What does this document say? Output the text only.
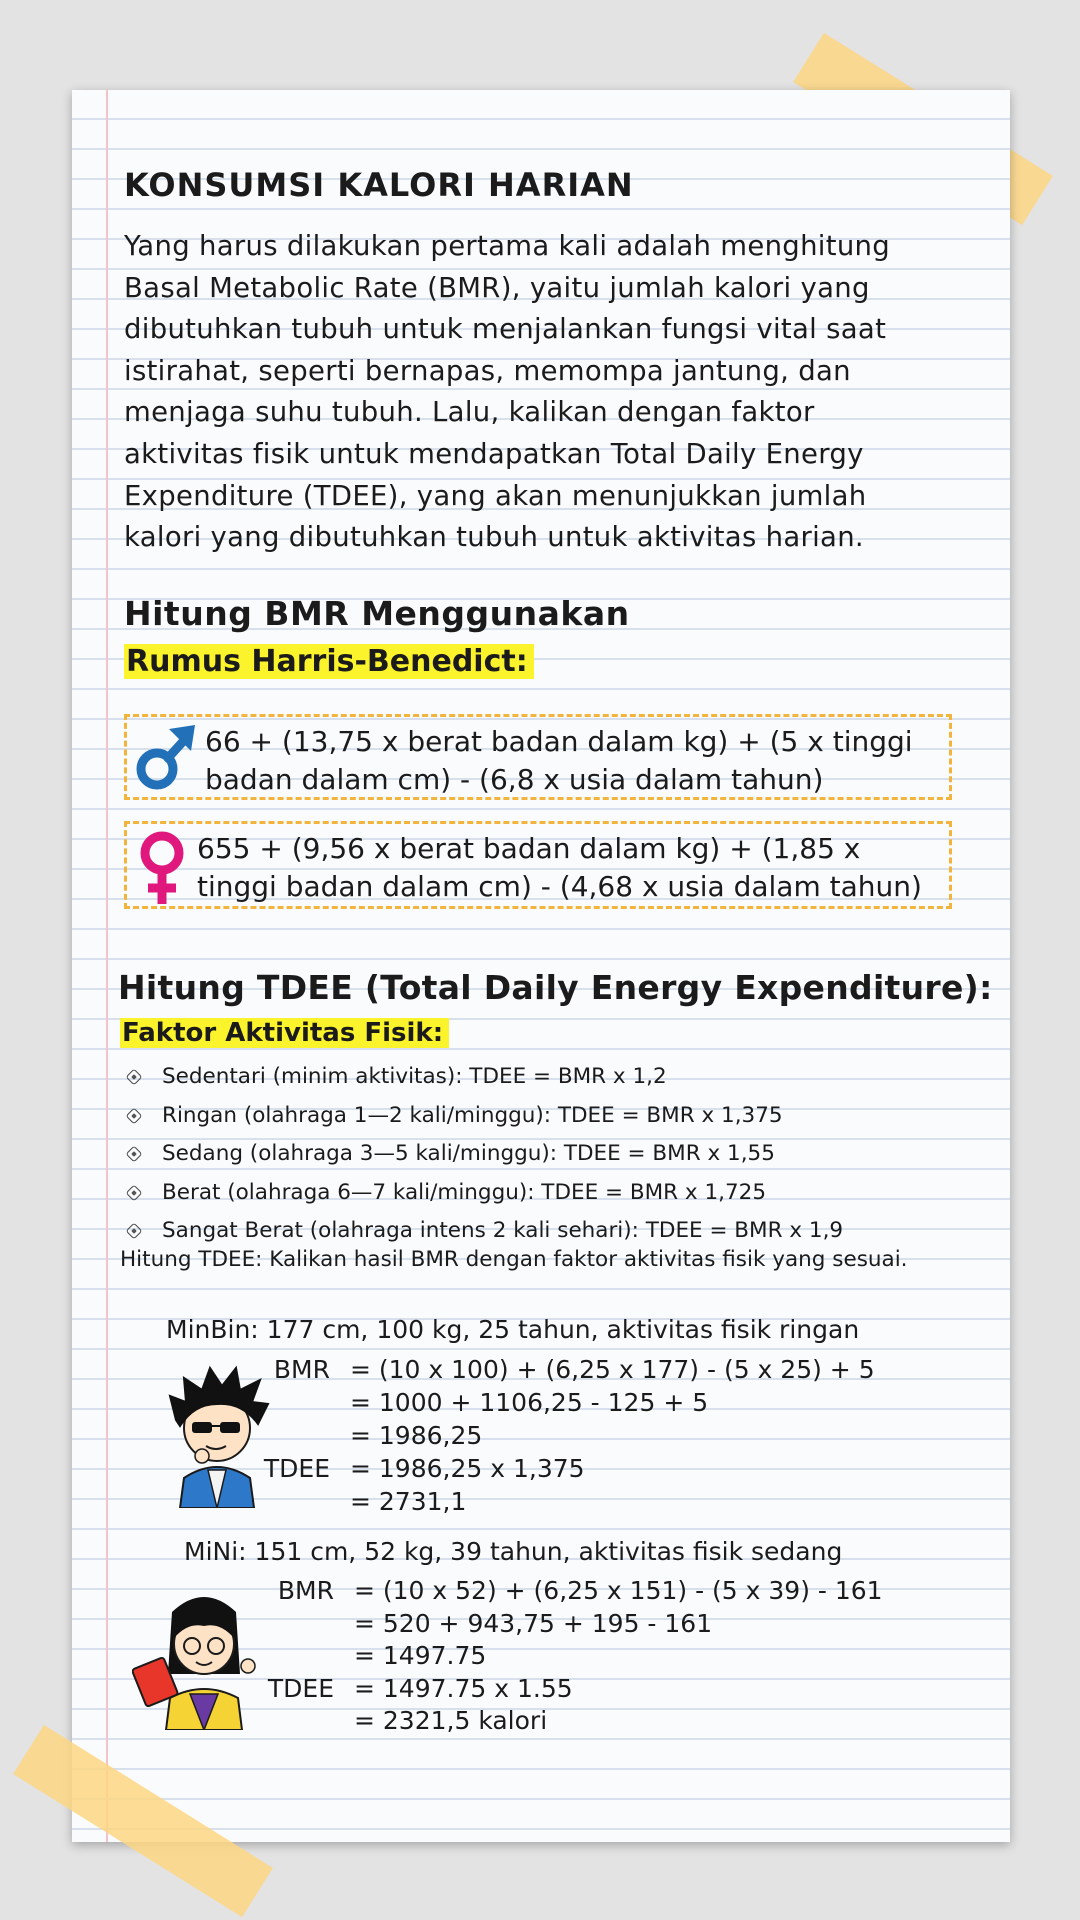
KONSUMSI KALORI HARIAN
Yang harus dilakukan pertama kali adalah menghitung
Basal Metabolic Rate (BMR), yaitu jumlah kalori yang
dibutuhkan tubuh untuk menjalankan fungsi vital saat
istirahat, seperti bernapas, memompa jantung, dan
menjaga suhu tubuh. Lalu, kalikan dengan faktor
aktivitas fisik untuk mendapatkan Total Daily Energy
Expenditure (TDEE), yang akan menunjukkan jumlah
kalori yang dibutuhkan tubuh untuk aktivitas harian.
Hitung BMR Menggunakan
Rumus Harris-Benedict:
66 + (13,75 x berat badan dalam kg) + (5 x tinggi
badan dalam cm) - (6,8 x usia dalam tahun)
655 + (9,56 x berat badan dalam kg) + (1,85 x
tinggi badan dalam cm) - (4,68 x usia dalam tahun)
Hitung TDEE (Total Daily Energy Expenditure):
Faktor Aktivitas Fisik:
Sedentari (minim aktivitas): TDEE = BMR x 1,2
Ringan (olahraga 1—2 kali/minggu): TDEE = BMR x 1,375
Sedang (olahraga 3—5 kali/minggu): TDEE = BMR x 1,55
Berat (olahraga 6—7 kali/minggu): TDEE = BMR x 1,725
Sangat Berat (olahraga intens 2 kali sehari): TDEE = BMR x 1,9
Hitung TDEE: Kalikan hasil BMR dengan faktor aktivitas fisik yang sesuai.
MinBin: 177 cm, 100 kg, 25 tahun, aktivitas fisik ringan
BMR = (10 x 100) + (6,25 x 177) - (5 x 25) + 5
= 1000 + 1106,25 - 125 + 5
= 1986,25
TDEE = 1986,25 x 1,375
= 2731,1
MiNi: 151 cm, 52 kg, 39 tahun, aktivitas fisik sedang
BMR = (10 x 52) + (6,25 x 151) - (5 x 39) - 161
= 520 + 943,75 + 195 - 161
= 1497.75
TDEE = 1497.75 x 1.55
= 2321,5 kalori
